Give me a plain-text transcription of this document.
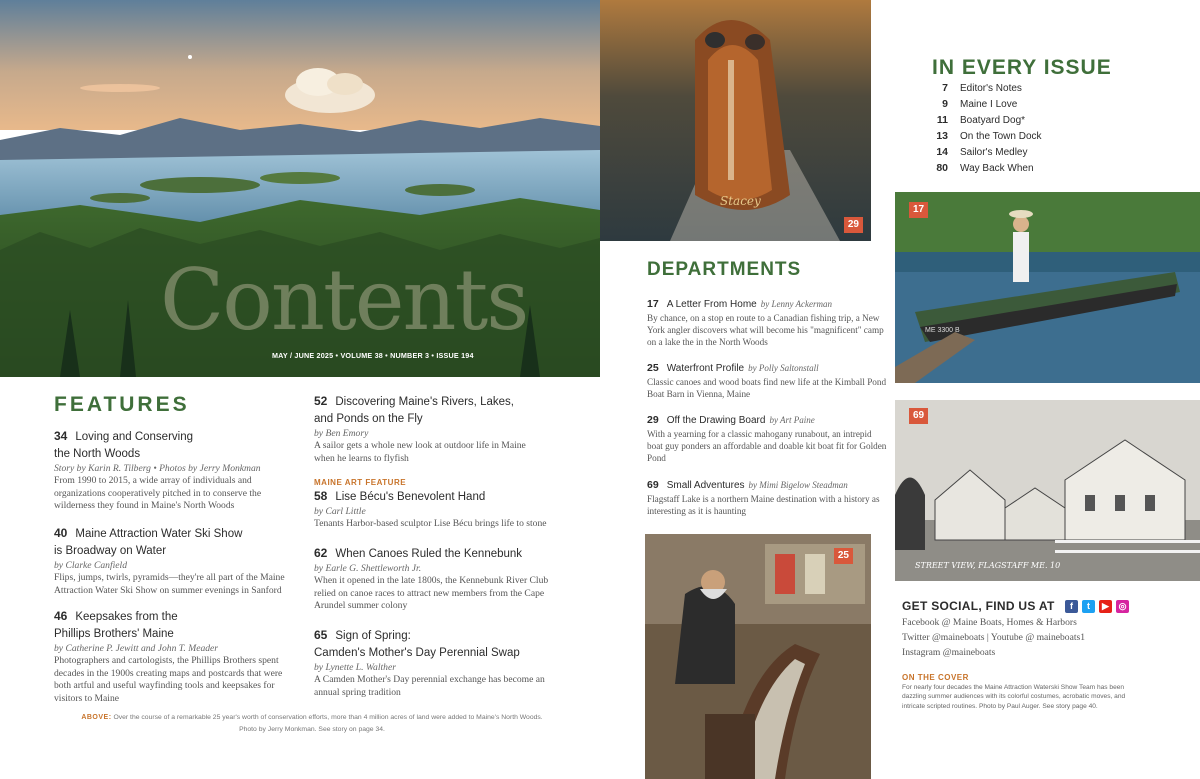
Contents
MAY / JUNE 2025 • VOLUME 38 • NUMBER 3 • ISSUE 194
Stacey
29
IN EVERY ISSUE
7 Editor's Notes
9 Maine I Love
11 Boatyard Dog*
13 On the Town Dock
14 Sailor's Medley
80 Way Back When
ME 3300 B
17
STREET VIEW, FLAGSTAFF ME. 10
69
DEPARTMENTS
17 A Letter From Home by Lenny Ackerman
By chance, on a stop en route to a Canadian fishing trip, a New York angler discovers what will become his "magnificent" camp on a lake the in the North Woods
25 Waterfront Profile by Polly Saltonstall
Classic canoes and wood boats find new life at the Kimball Pond Boat Barn in Vienna, Maine
29 Off the Drawing Board by Art Paine
With a yearning for a classic mahogany runabout, an intrepid boat guy ponders an affordable and doable kit boat fit for Golden Pond
69 Small Adventures by Mimi Bigelow Steadman
Flagstaff Lake is a northern Maine destination with a history as interesting as it is haunting
25
FEATURES
34 Loving and Conserving
the North Woods
Story by Karin R. Tilberg • Photos by Jerry Monkman
From 1990 to 2015, a wide array of individuals and organizations cooperatively pitched in to conserve the wilderness they found in Maine's North Woods
40 Maine Attraction Water Ski Show
is Broadway on Water
by Clarke Canfield
Flips, jumps, twirls, pyramids—they're all part of the Maine Attraction Water Ski Show on summer evenings in Sanford
46 Keepsakes from the
Phillips Brothers' Maine
by Catherine P. Jewitt and John T. Meader
Photographers and cartologists, the Phillips Brothers spent decades in the 1900s creating maps and postcards that were both artful and useful wayfinding tools and keepsakes for visitors to Maine
52 Discovering Maine's Rivers, Lakes,
and Ponds on the Fly
by Ben Emory
A sailor gets a whole new look at outdoor life in Maine when he learns to flyfish
MAINE ART FEATURE
58 Lise Bécu's Benevolent Hand
by Carl Little
Tenants Harbor-based sculptor Lise Bécu brings life to stone
62 When Canoes Ruled the Kennebunk
by Earle G. Shettleworth Jr.
When it opened in the late 1800s, the Kennebunk River Club relied on canoe races to attract new members from the Cape Arundel summer colony
65 Sign of Spring:
Camden's Mother's Day Perennial Swap
by Lynette L. Walther
A Camden Mother's Day perennial exchange has become an annual spring tradition
ABOVE: Over the course of a remarkable 25 year's worth of conservation efforts, more than 4 million acres of land were added to Maine's North Woods.
Photo by Jerry Monkman. See story on page 34.
GET SOCIAL, FIND US AT	f	t	▶	◎
Facebook @ Maine Boats, Homes & Harbors
Twitter @maineboats | Youtube @ maineboats1
Instagram @maineboats
ON THE COVER
For nearly four decades the Maine Attraction Waterski Show Team has been dazzling summer audiences with its colorful costumes, acrobatic moves, and intricate scripted routines. Photo by Paul Auger. See story page 40.
